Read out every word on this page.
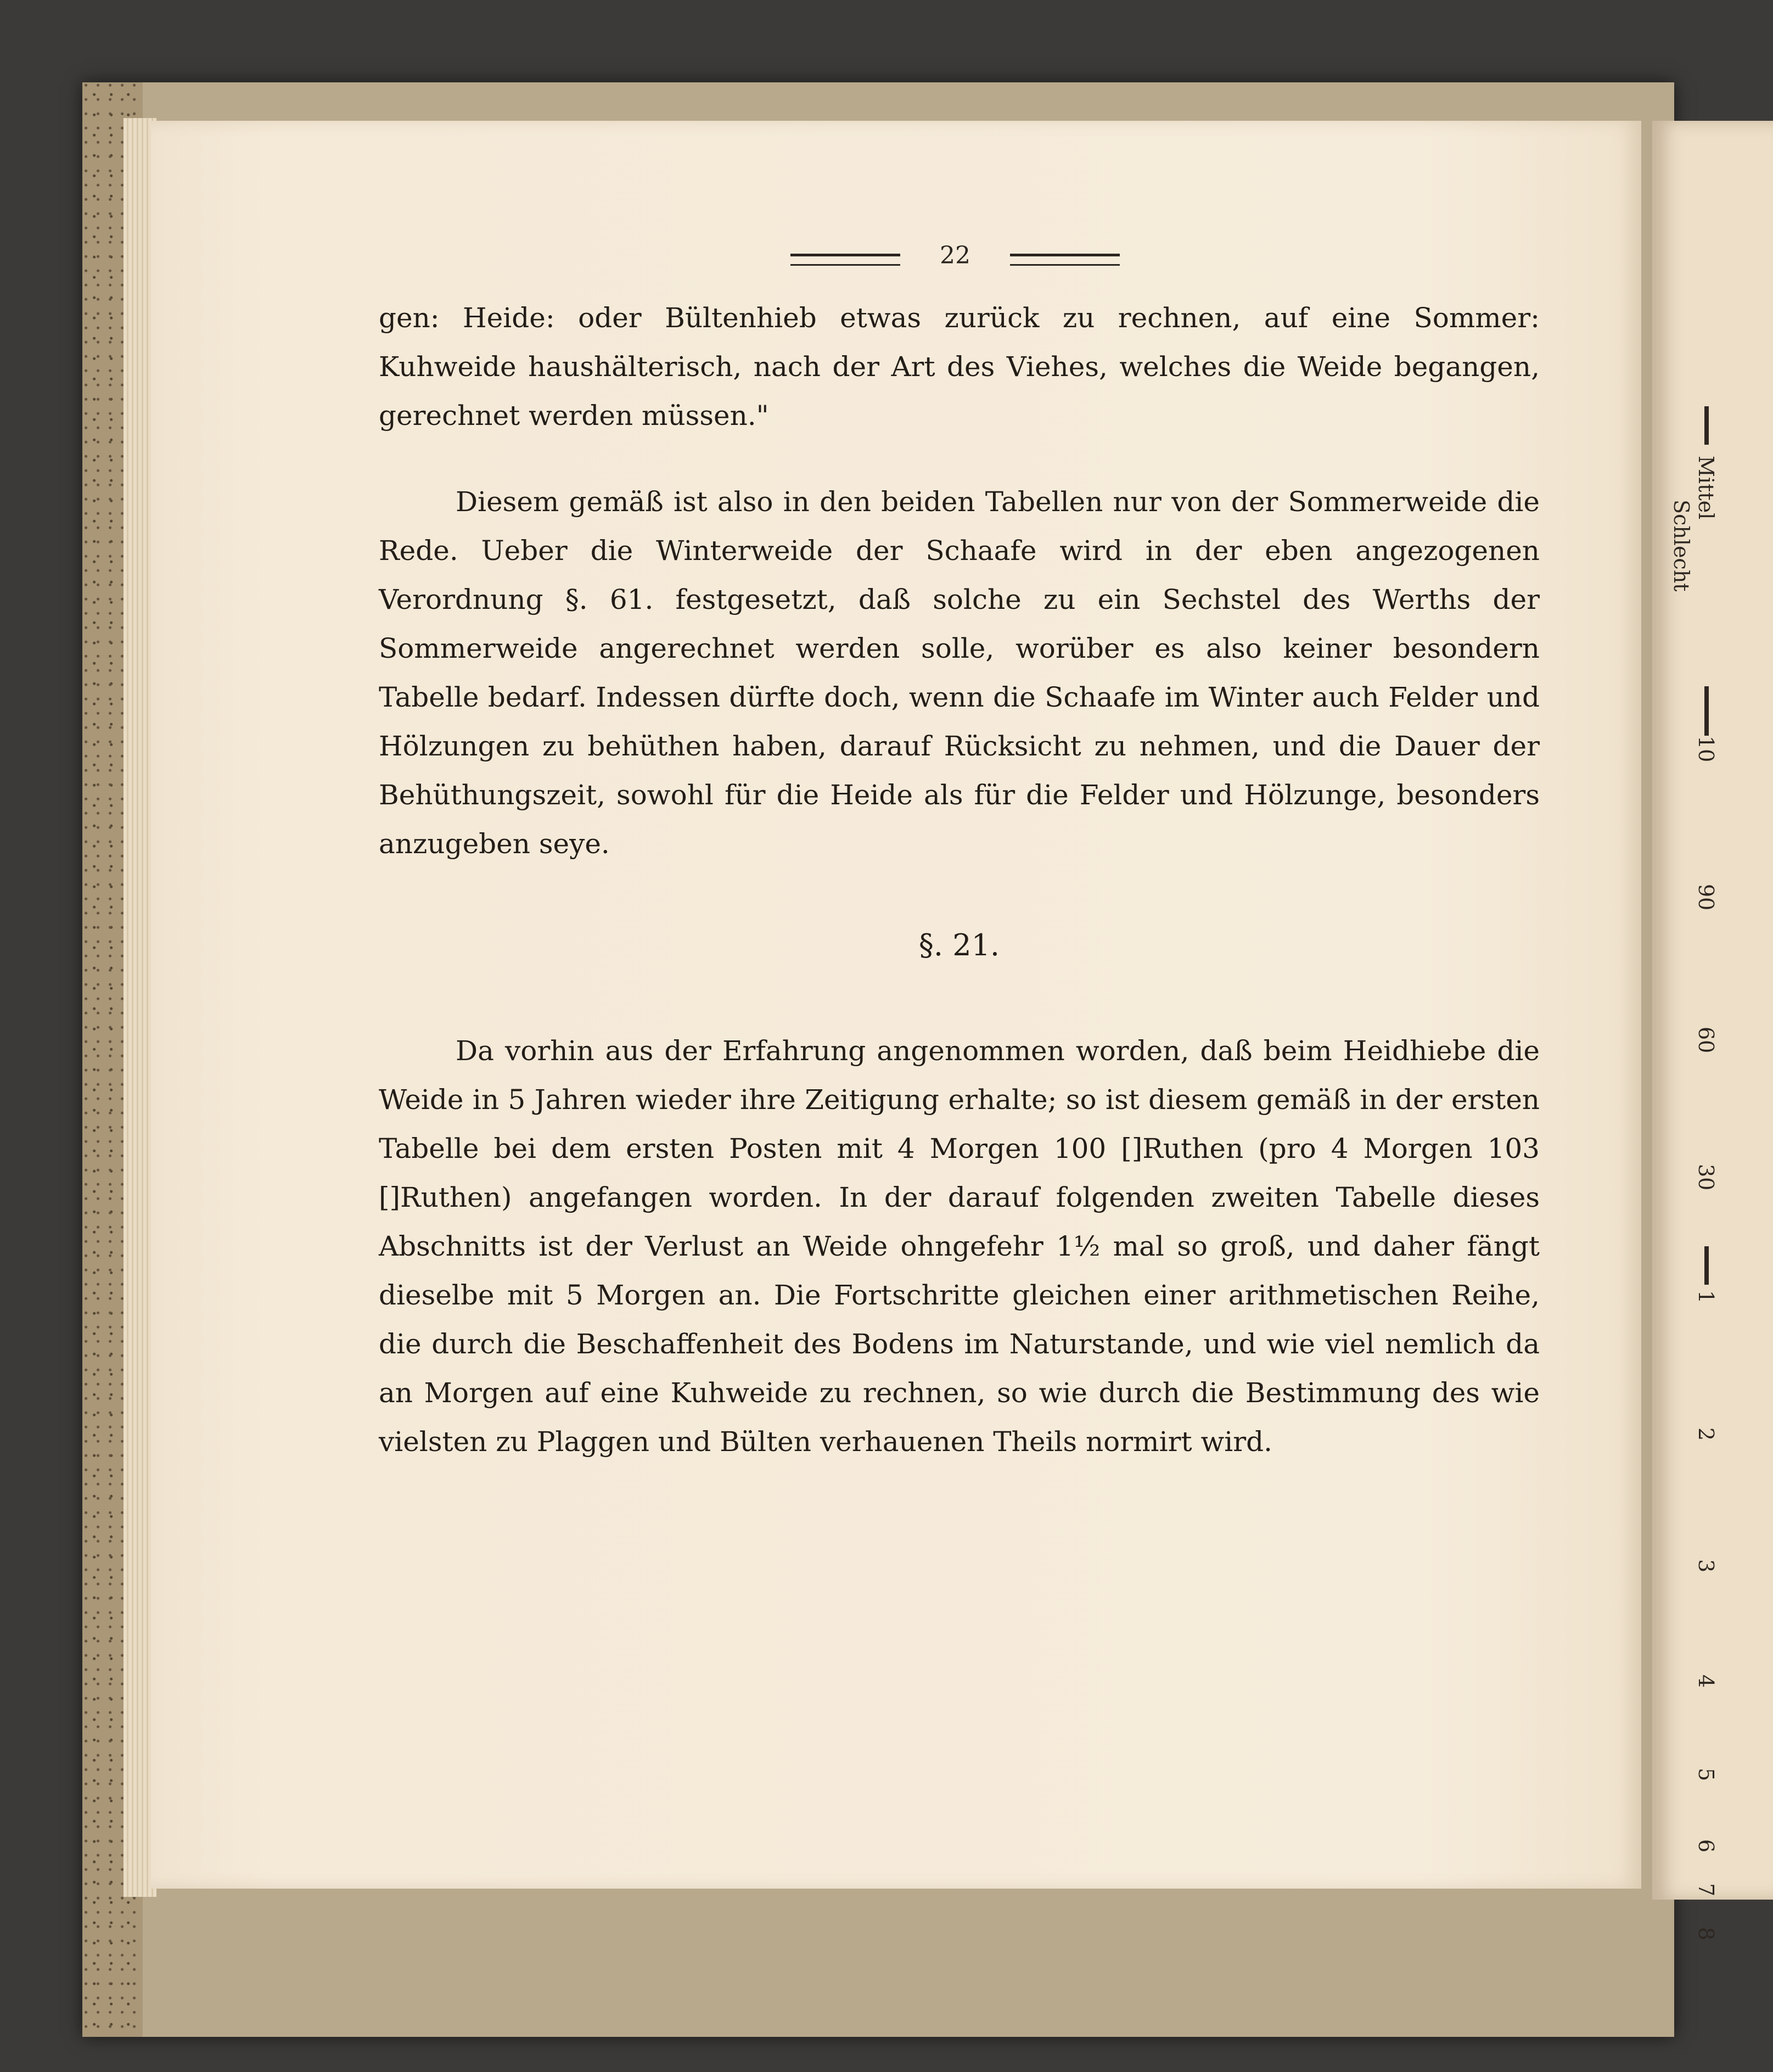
Mittel
Schlecht
10
90
60
30
1
2
3
4
5
6
7
8
22

gen: Heide: oder Bültenhieb etwas zurück zu rechnen, auf eine Sommer: Kuhweide haushälterisch, nach der Art des Viehes, welches die Weide begangen, gerechnet werden müssen."

Diesem gemäß ist also in den beiden Tabellen nur von der Sommerweide die Rede. Ueber die Winterweide der Schaafe wird in der eben angezogenen Verordnung §. 61. festgesetzt, daß solche zu ein Sechstel des Werths der Sommerweide angerechnet werden solle, worüber es also keiner besondern Tabelle bedarf. Indessen dürfte doch, wenn die Schaafe im Winter auch Felder und Hölzungen zu behüthen haben, darauf Rücksicht zu nehmen, und die Dauer der Behüthungszeit, sowohl für die Heide als für die Felder und Hölzunge, besonders anzugeben seye.

§. 21.

Da vorhin aus der Erfahrung angenommen worden, daß beim Heidhiebe die Weide in 5 Jahren wieder ihre Zeitigung erhalte; so ist diesem gemäß in der ersten Tabelle bei dem ersten Posten mit 4 Morgen 100 []Ruthen (pro 4 Morgen 103 []Ruthen) angefangen worden. In der darauf folgenden zweiten Tabelle dieses Abschnitts ist der Verlust an Weide ohngefehr 1½ mal so groß, und daher fängt dieselbe mit 5 Morgen an. Die Fortschritte gleichen einer arithmetischen Reihe, die durch die Beschaffenheit des Bodens im Naturstande, und wie viel nemlich da an Morgen auf eine Kuhweide zu rechnen, so wie durch die Bestimmung des wie vielsten zu Plaggen und Bülten verhauenen Theils normirt wird.
